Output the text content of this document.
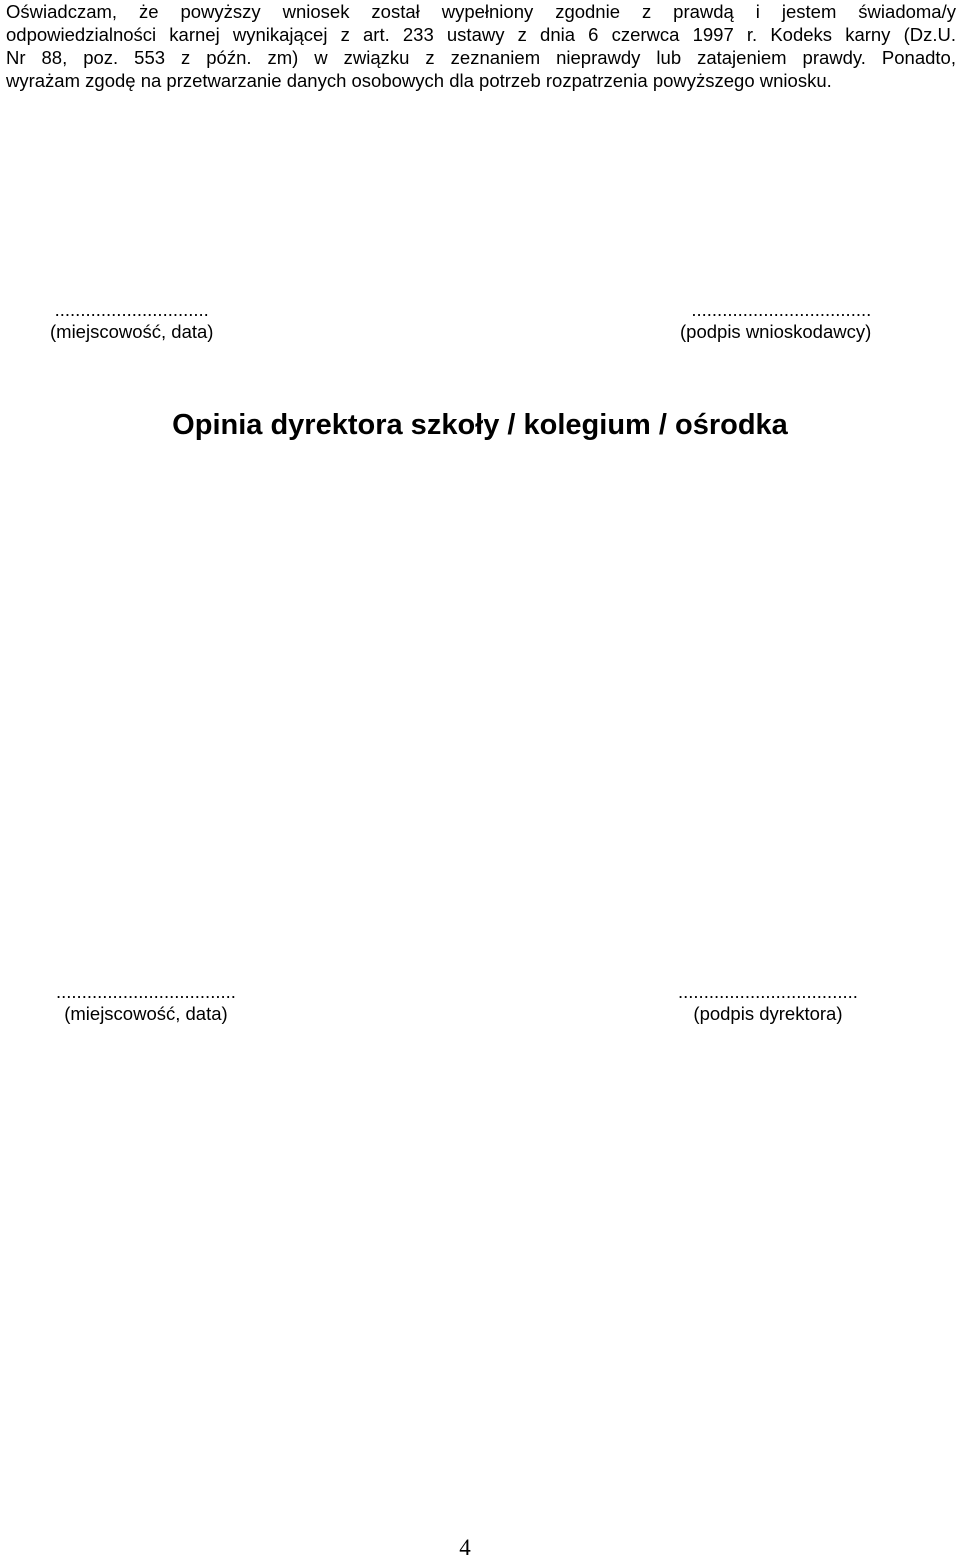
Oświadczam, że powyższy wniosek został wypełniony zgodnie z prawdą i jestem świadoma/y
odpowiedzialności karnej wynikającej z art. 233 ustawy z dnia 6 czerwca 1997 r. Kodeks karny (Dz.U.
Nr 88, poz. 553 z późn. zm) w związku z zeznaniem nieprawdy lub zatajeniem prawdy. Ponadto,
wyrażam zgodę na przetwarzanie danych osobowych dla potrzeb rozpatrzenia powyższego wniosku.
..............................
(miejscowość, data)
...................................
(podpis wnioskodawcy)
Opinia dyrektora szkoły / kolegium / ośrodka
...................................
(miejscowość, data)
...................................
(podpis dyrektora)
4
